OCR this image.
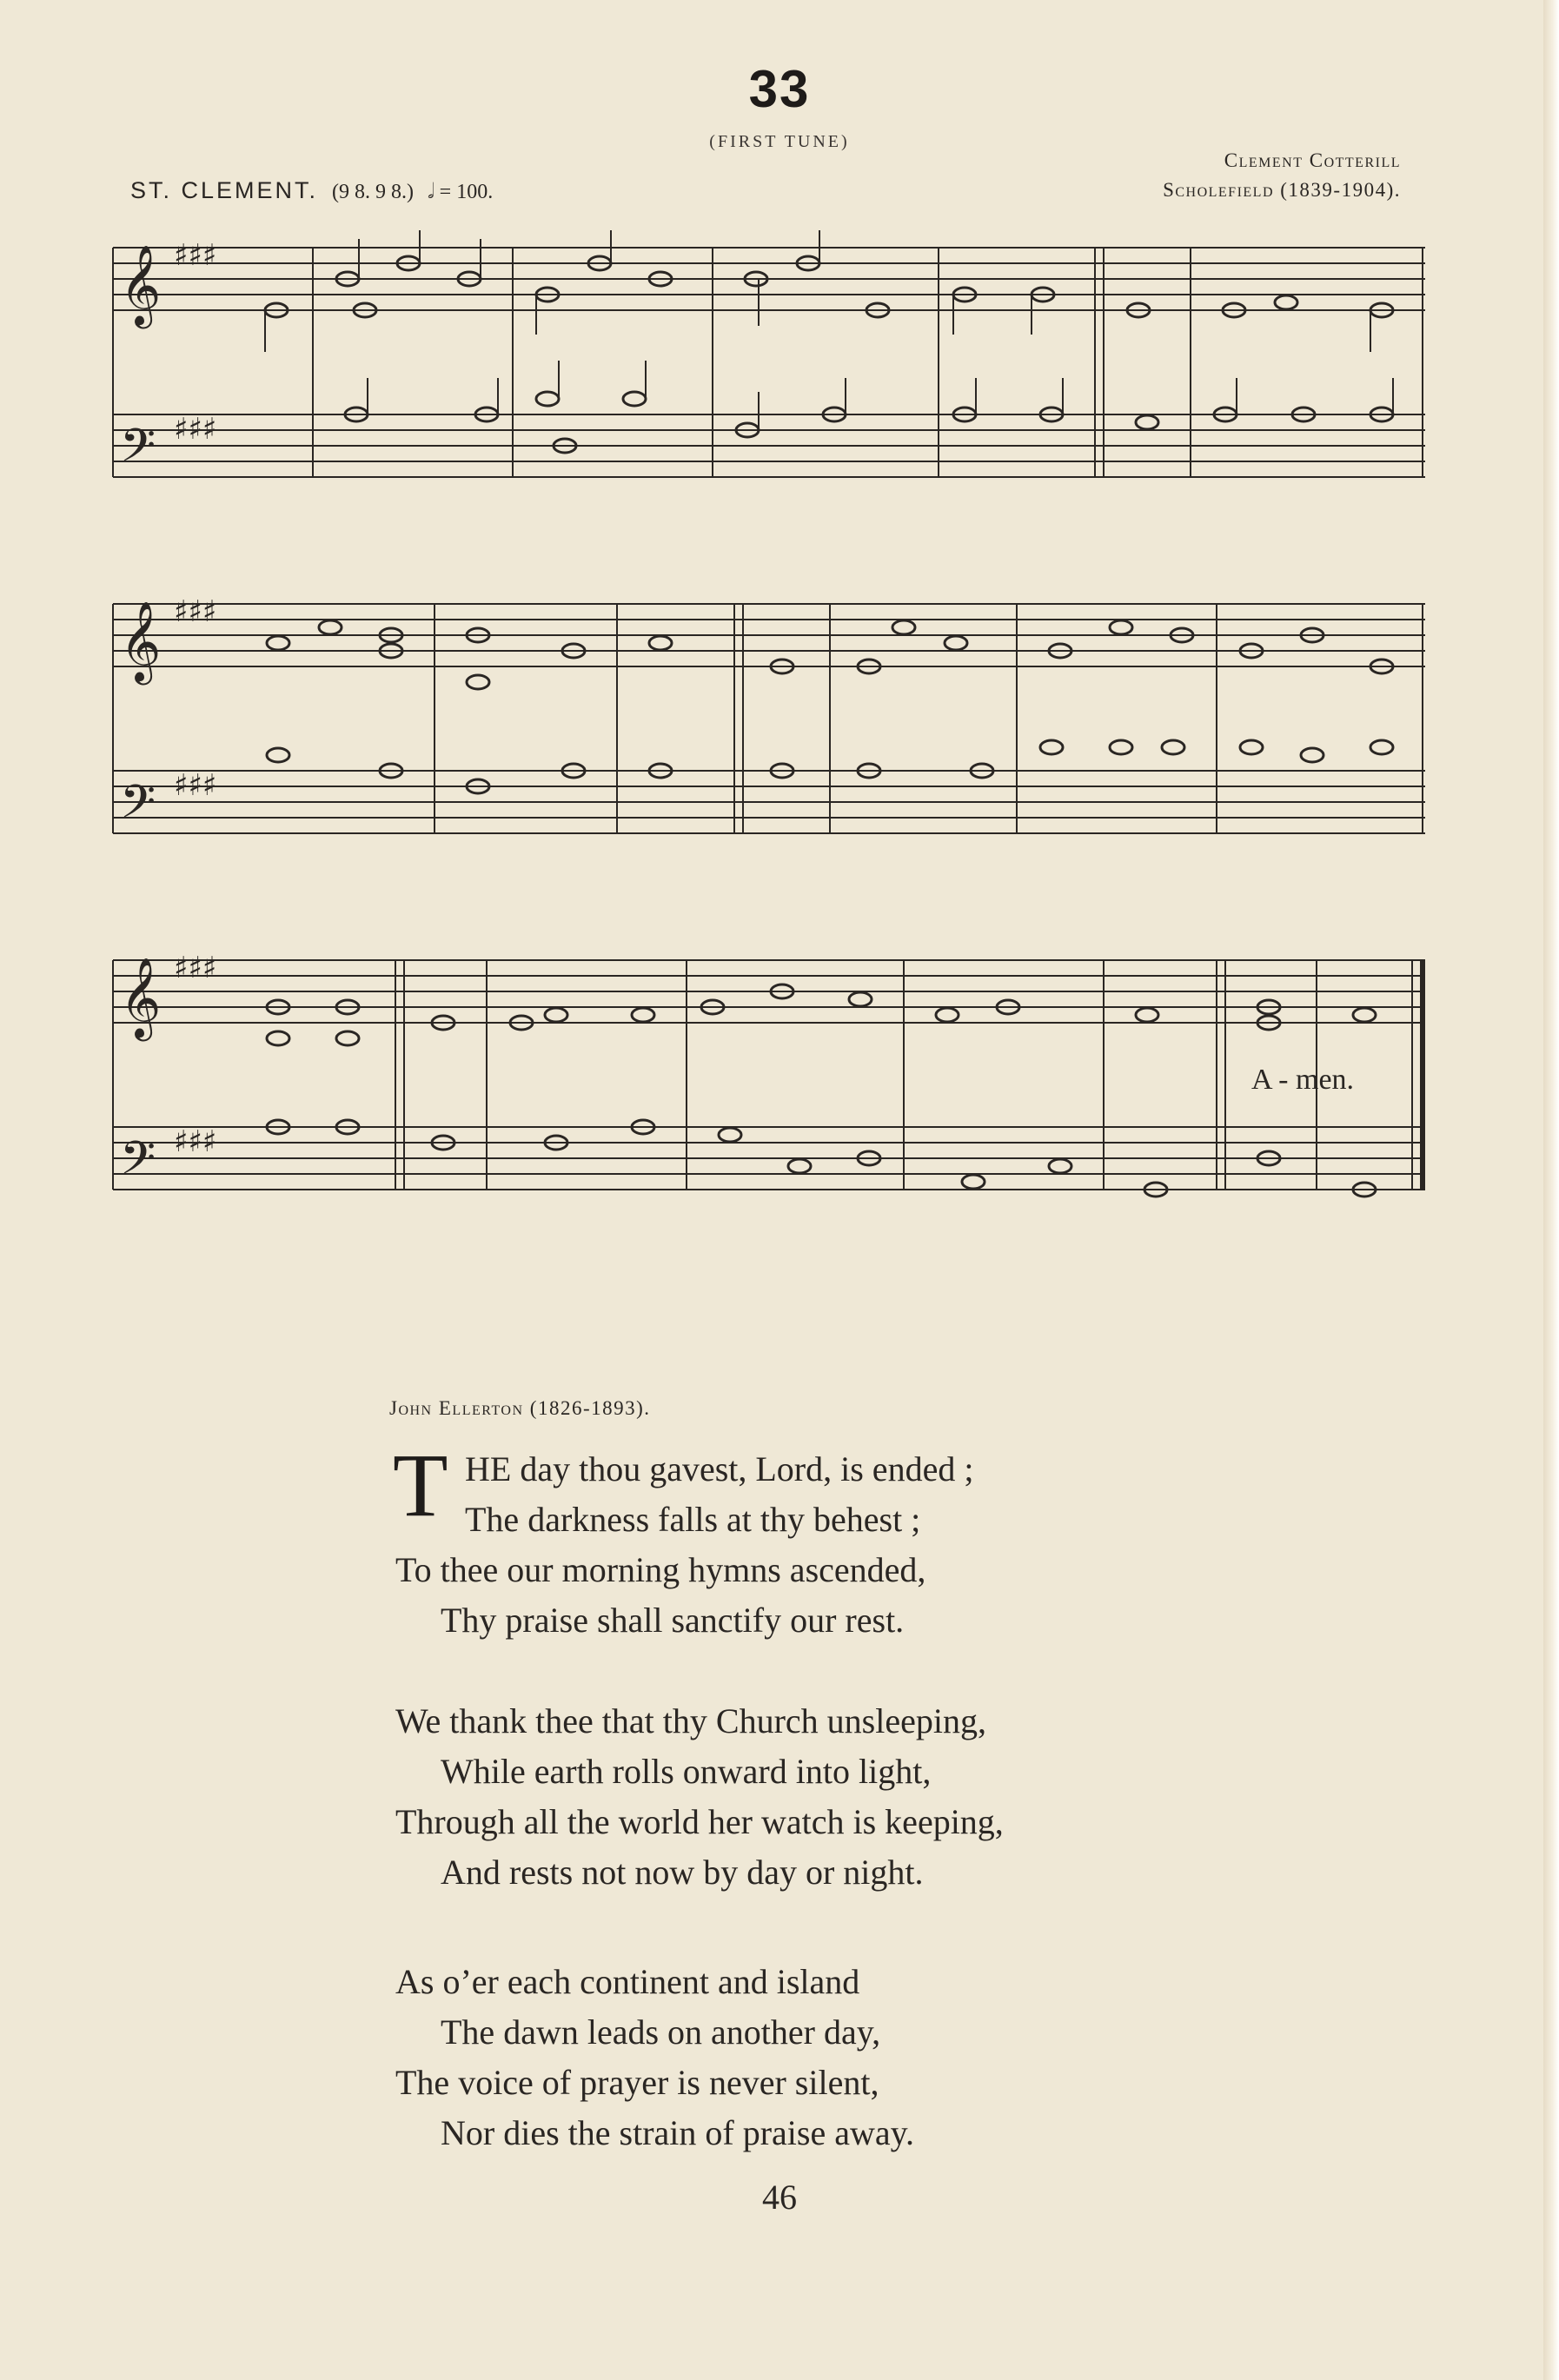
33
(FIRST TUNE)
ST. CLEMENT. (9 8. 9 8.) 𝅗𝅥 = 100.
Clement Cotterill
Scholefield (1839-1904).
𝄞
𝄢
♯♯♯
♯♯♯
𝄞
𝄢
♯♯♯
♯♯♯
𝄞
𝄢
♯♯♯
♯♯♯
A - men.
John Ellerton (1826-1893).
T HE day thou gavest, Lord, is ended ;
The darkness falls at thy behest ;
To thee our morning hymns ascended,
Thy praise shall sanctify our rest.
We thank thee that thy Church unsleeping,
While earth rolls onward into light,
Through all the world her watch is keeping,
And rests not now by day or night.
As o’er each continent and island
The dawn leads on another day,
The voice of prayer is never silent,
Nor dies the strain of praise away.
46
